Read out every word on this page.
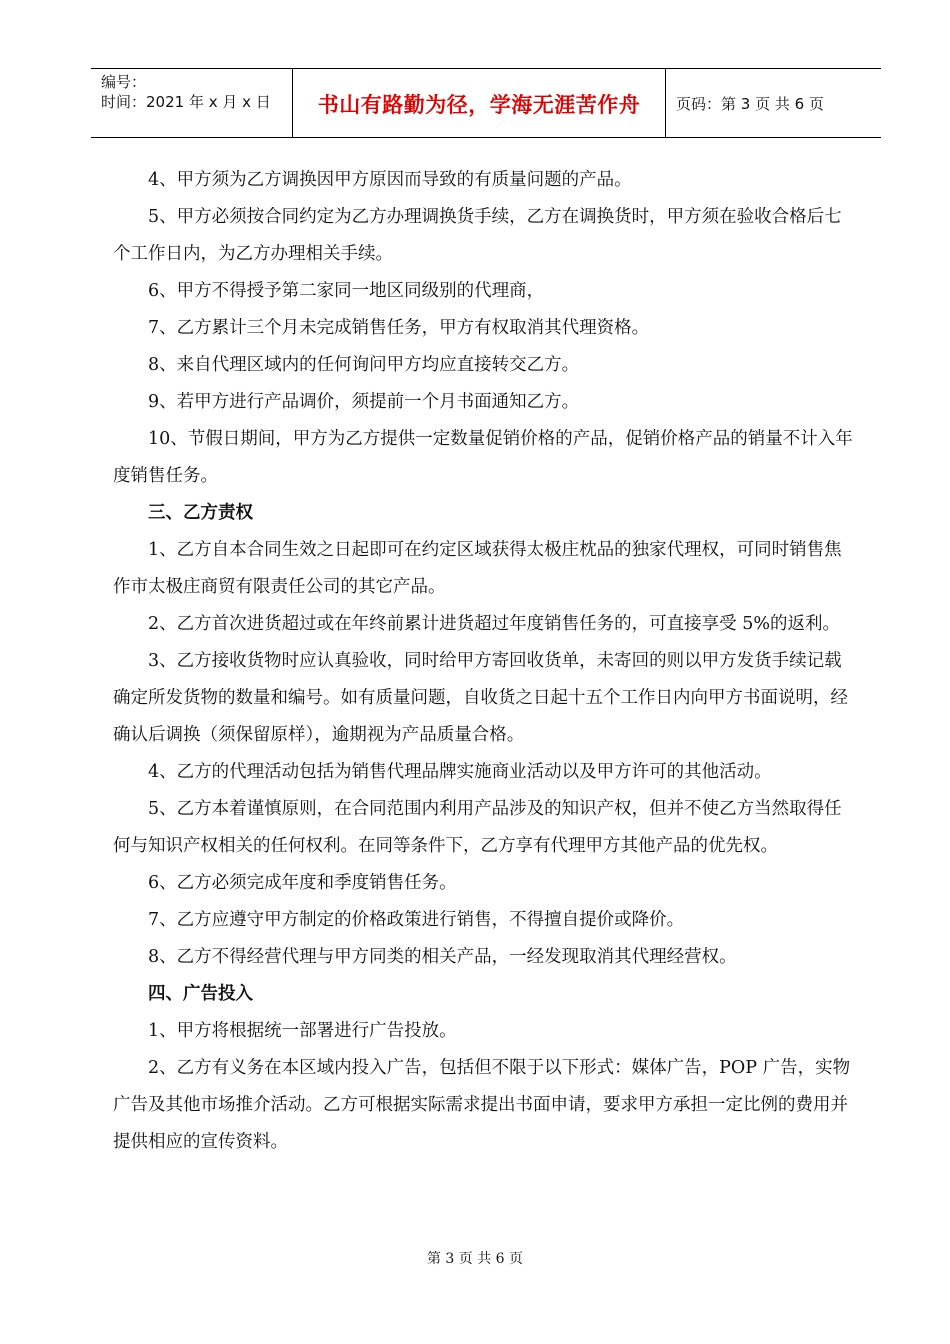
编号：
时间：2021 年 x 月 x 日	书山有路勤为径，学海无涯苦作舟	页码：第 3 页 共 6 页

4、甲方须为乙方调换因甲方原因而导致的有质量问题的产品。

5、甲方必须按合同约定为乙方办理调换货手续，乙方在调换货时，甲方须在验收合格后七个工作日内，为乙方办理相关手续。

6、甲方不得授予第二家同一地区同级别的代理商，

7、乙方累计三个月未完成销售任务，甲方有权取消其代理资格。

8、来自代理区域内的任何询问甲方均应直接转交乙方。

9、若甲方进行产品调价，须提前一个月书面通知乙方。

10、节假日期间，甲方为乙方提供一定数量促销价格的产品，促销价格产品的销量不计入年度销售任务。

三、乙方责权

1、乙方自本合同生效之日起即可在约定区域获得太极庄枕品的独家代理权，可同时销售焦作市太极庄商贸有限责任公司的其它产品。

2、乙方首次进货超过或在年终前累计进货超过年度销售任务的，可直接享受 5%的返利。

3、乙方接收货物时应认真验收，同时给甲方寄回收货单，未寄回的则以甲方发货手续记载确定所发货物的数量和编号。如有质量问题，自收货之日起十五个工作日内向甲方书面说明，经确认后调换（须保留原样），逾期视为产品质量合格。

4、乙方的代理活动包括为销售代理品牌实施商业活动以及甲方许可的其他活动。

5、乙方本着谨慎原则，在合同范围内利用产品涉及的知识产权，但并不使乙方当然取得任何与知识产权相关的任何权利。在同等条件下，乙方享有代理甲方其他产品的优先权。

6、乙方必须完成年度和季度销售任务。

7、乙方应遵守甲方制定的价格政策进行销售，不得擅自提价或降价。

8、乙方不得经营代理与甲方同类的相关产品，一经发现取消其代理经营权。

四、广告投入

1、甲方将根据统一部署进行广告投放。

2、乙方有义务在本区域内投入广告，包括但不限于以下形式：媒体广告，POP 广告，实物广告及其他市场推介活动。乙方可根据实际需求提出书面申请，要求甲方承担一定比例的费用并提供相应的宣传资料。

第 3 页 共 6 页
